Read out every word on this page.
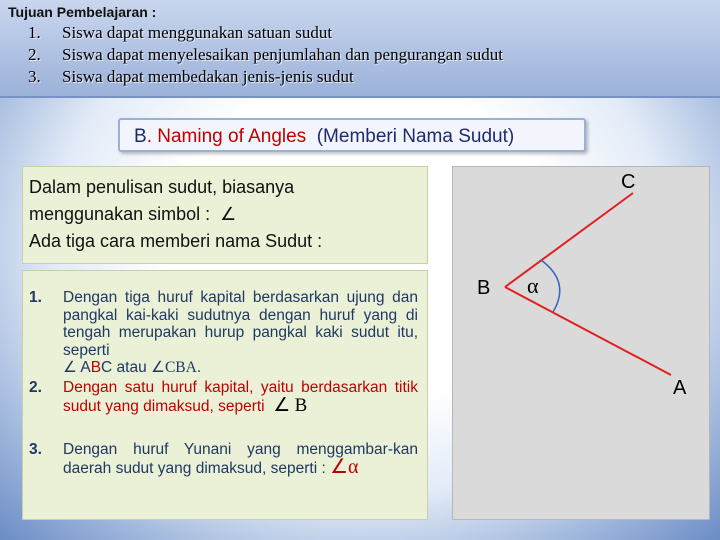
Tujuan Pembelajaran :
1. Siswa dapat menggunakan satuan sudut
2. Siswa dapat menyelesaikan penjumlahan dan pengurangan sudut
3. Siswa dapat membedakan jenis-jenis sudut
B. Naming of Angles (Memberi Nama Sudut)
Dalam penulisan sudut, biasanya
menggunakan simbol : ∠
Ada tiga cara memberi nama Sudut :
1. Dengan tiga huruf kapital berdasarkan ujung dan pangkal kai-kaki sudutnya dengan huruf yang di tengah merupakan hurup pangkal kaki sudut itu, seperti
∠ ABC atau ∠CBA.
2. Dengan satu huruf kapital, yaitu berdasarkan titik sudut yang dimaksud, seperti ∠ B
3. Dengan huruf Yunani yang menggambar-kan daerah sudut yang dimaksud, seperti : ∠α
C
B α
A
